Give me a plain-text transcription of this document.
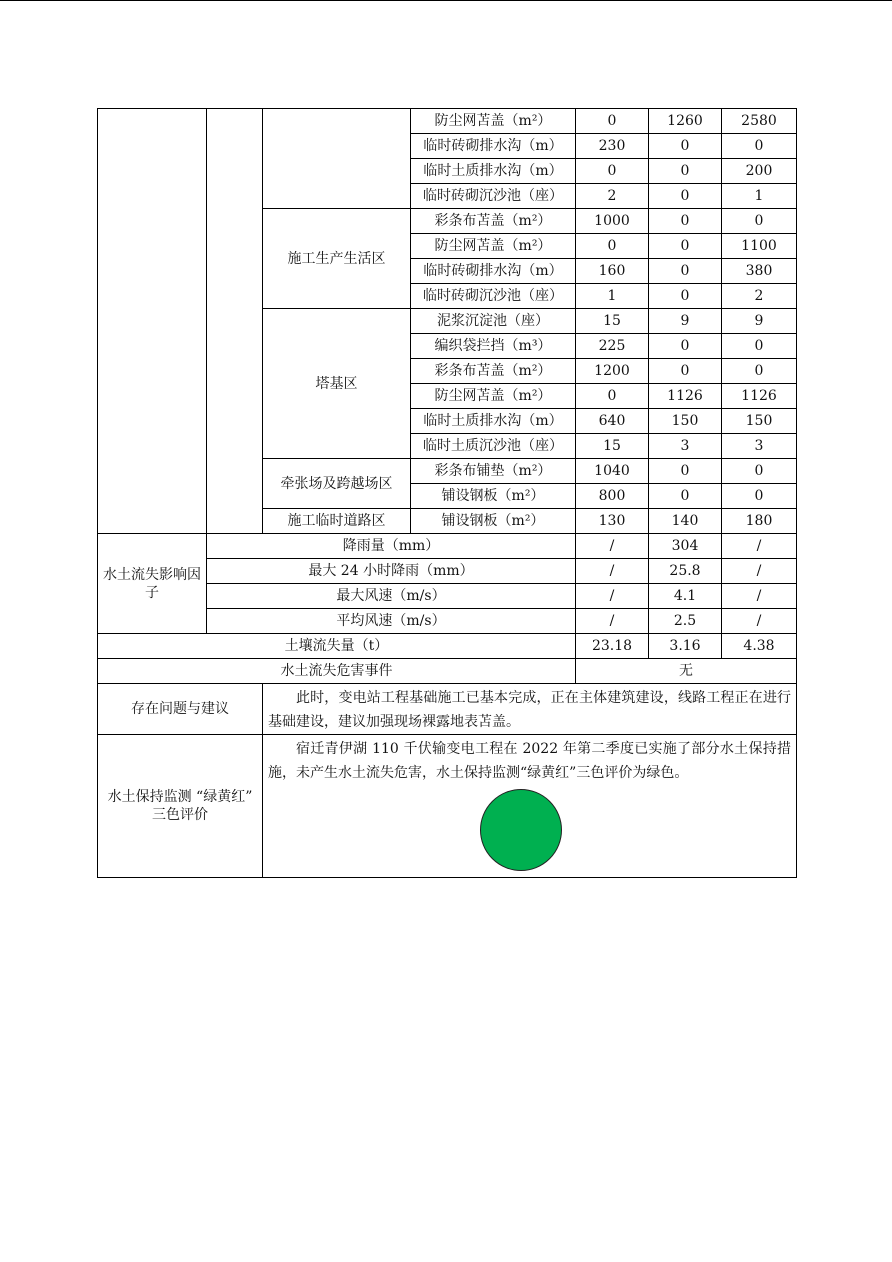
			防尘网苫盖（m²）	0	1260	2580
			临时砖砌排水沟（m）	230	0	0
			临时土质排水沟（m）	0	0	200
			临时砖砌沉沙池（座）	2	0	1
		施工生产生活区	彩条布苫盖（m²）	1000	0	0
			防尘网苫盖（m²）	0	0	1100
			临时砖砌排水沟（m）	160	0	380
			临时砖砌沉沙池（座）	1	0	2
		塔基区	泥浆沉淀池（座）	15	9	9
			编织袋拦挡（m³）	225	0	0
			彩条布苫盖（m²）	1200	0	0
			防尘网苫盖（m²）	0	1126	1126
			临时土质排水沟（m）	640	150	150
			临时土质沉沙池（座）	15	3	3
		牵张场及跨越场区	彩条布铺垫（m²）	1040	0	0
			铺设钢板（m²）	800	0	0
		施工临时道路区	铺设钢板（m²）	130	140	180
水土流失影响因子	降雨量（mm）			/	304	/
	最大 24 小时降雨（mm）			/	25.8	/
	最大风速（m/s）			/	4.1	/
	平均风速（m/s）			/	2.5	/
土壤流失量（t）				23.18	3.16	4.38
水土流失危害事件				无		
存在问题与建议		此时，变电站工程基础施工已基本完成，正在主体建筑建设，线路工程正在进行基础建设，建议加强现场裸露地表苫盖。				

水土保持监测 “绿黄红” 三色评价		宿迁青伊湖 110 千伏输变电工程在 2022 年第二季度已实施了部分水土保持措施，未产生水土流失危害，水土保持监测“绿黄红”三色评价为绿色。				
